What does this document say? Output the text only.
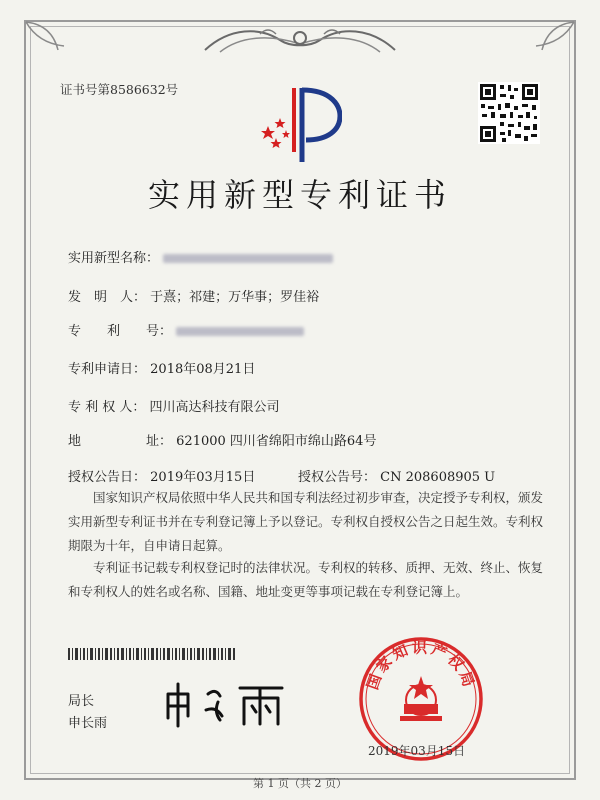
证书号第8586632号
实用新型专利证书
实用新型名称：
发　明　人： 于熹；祁建；万华事；罗佳裕
专　　利　　号：
专利申请日： 2018年08月21日
专 利 权 人： 四川高达科技有限公司
地　　　　　址： 621000 四川省绵阳市绵山路64号
授权公告日： 2019年03月15日	授权公告号： CN 208608905 U
国家知识产权局依照中华人民共和国专利法经过初步审查，决定授予专利权，颁发实用新型专利证书并在专利登记簿上予以登记。专利权自授权公告之日起生效。专利权期限为十年，自申请日起算。
专利证书记载专利权登记时的法律状况。专利权的转移、质押、无效、终止、恢复和专利权人的姓名或名称、国籍、地址变更等事项记载在专利登记簿上。
局长
申长雨
国家知识产权局
2019年03月15日
第 1 页（共 2 页）
